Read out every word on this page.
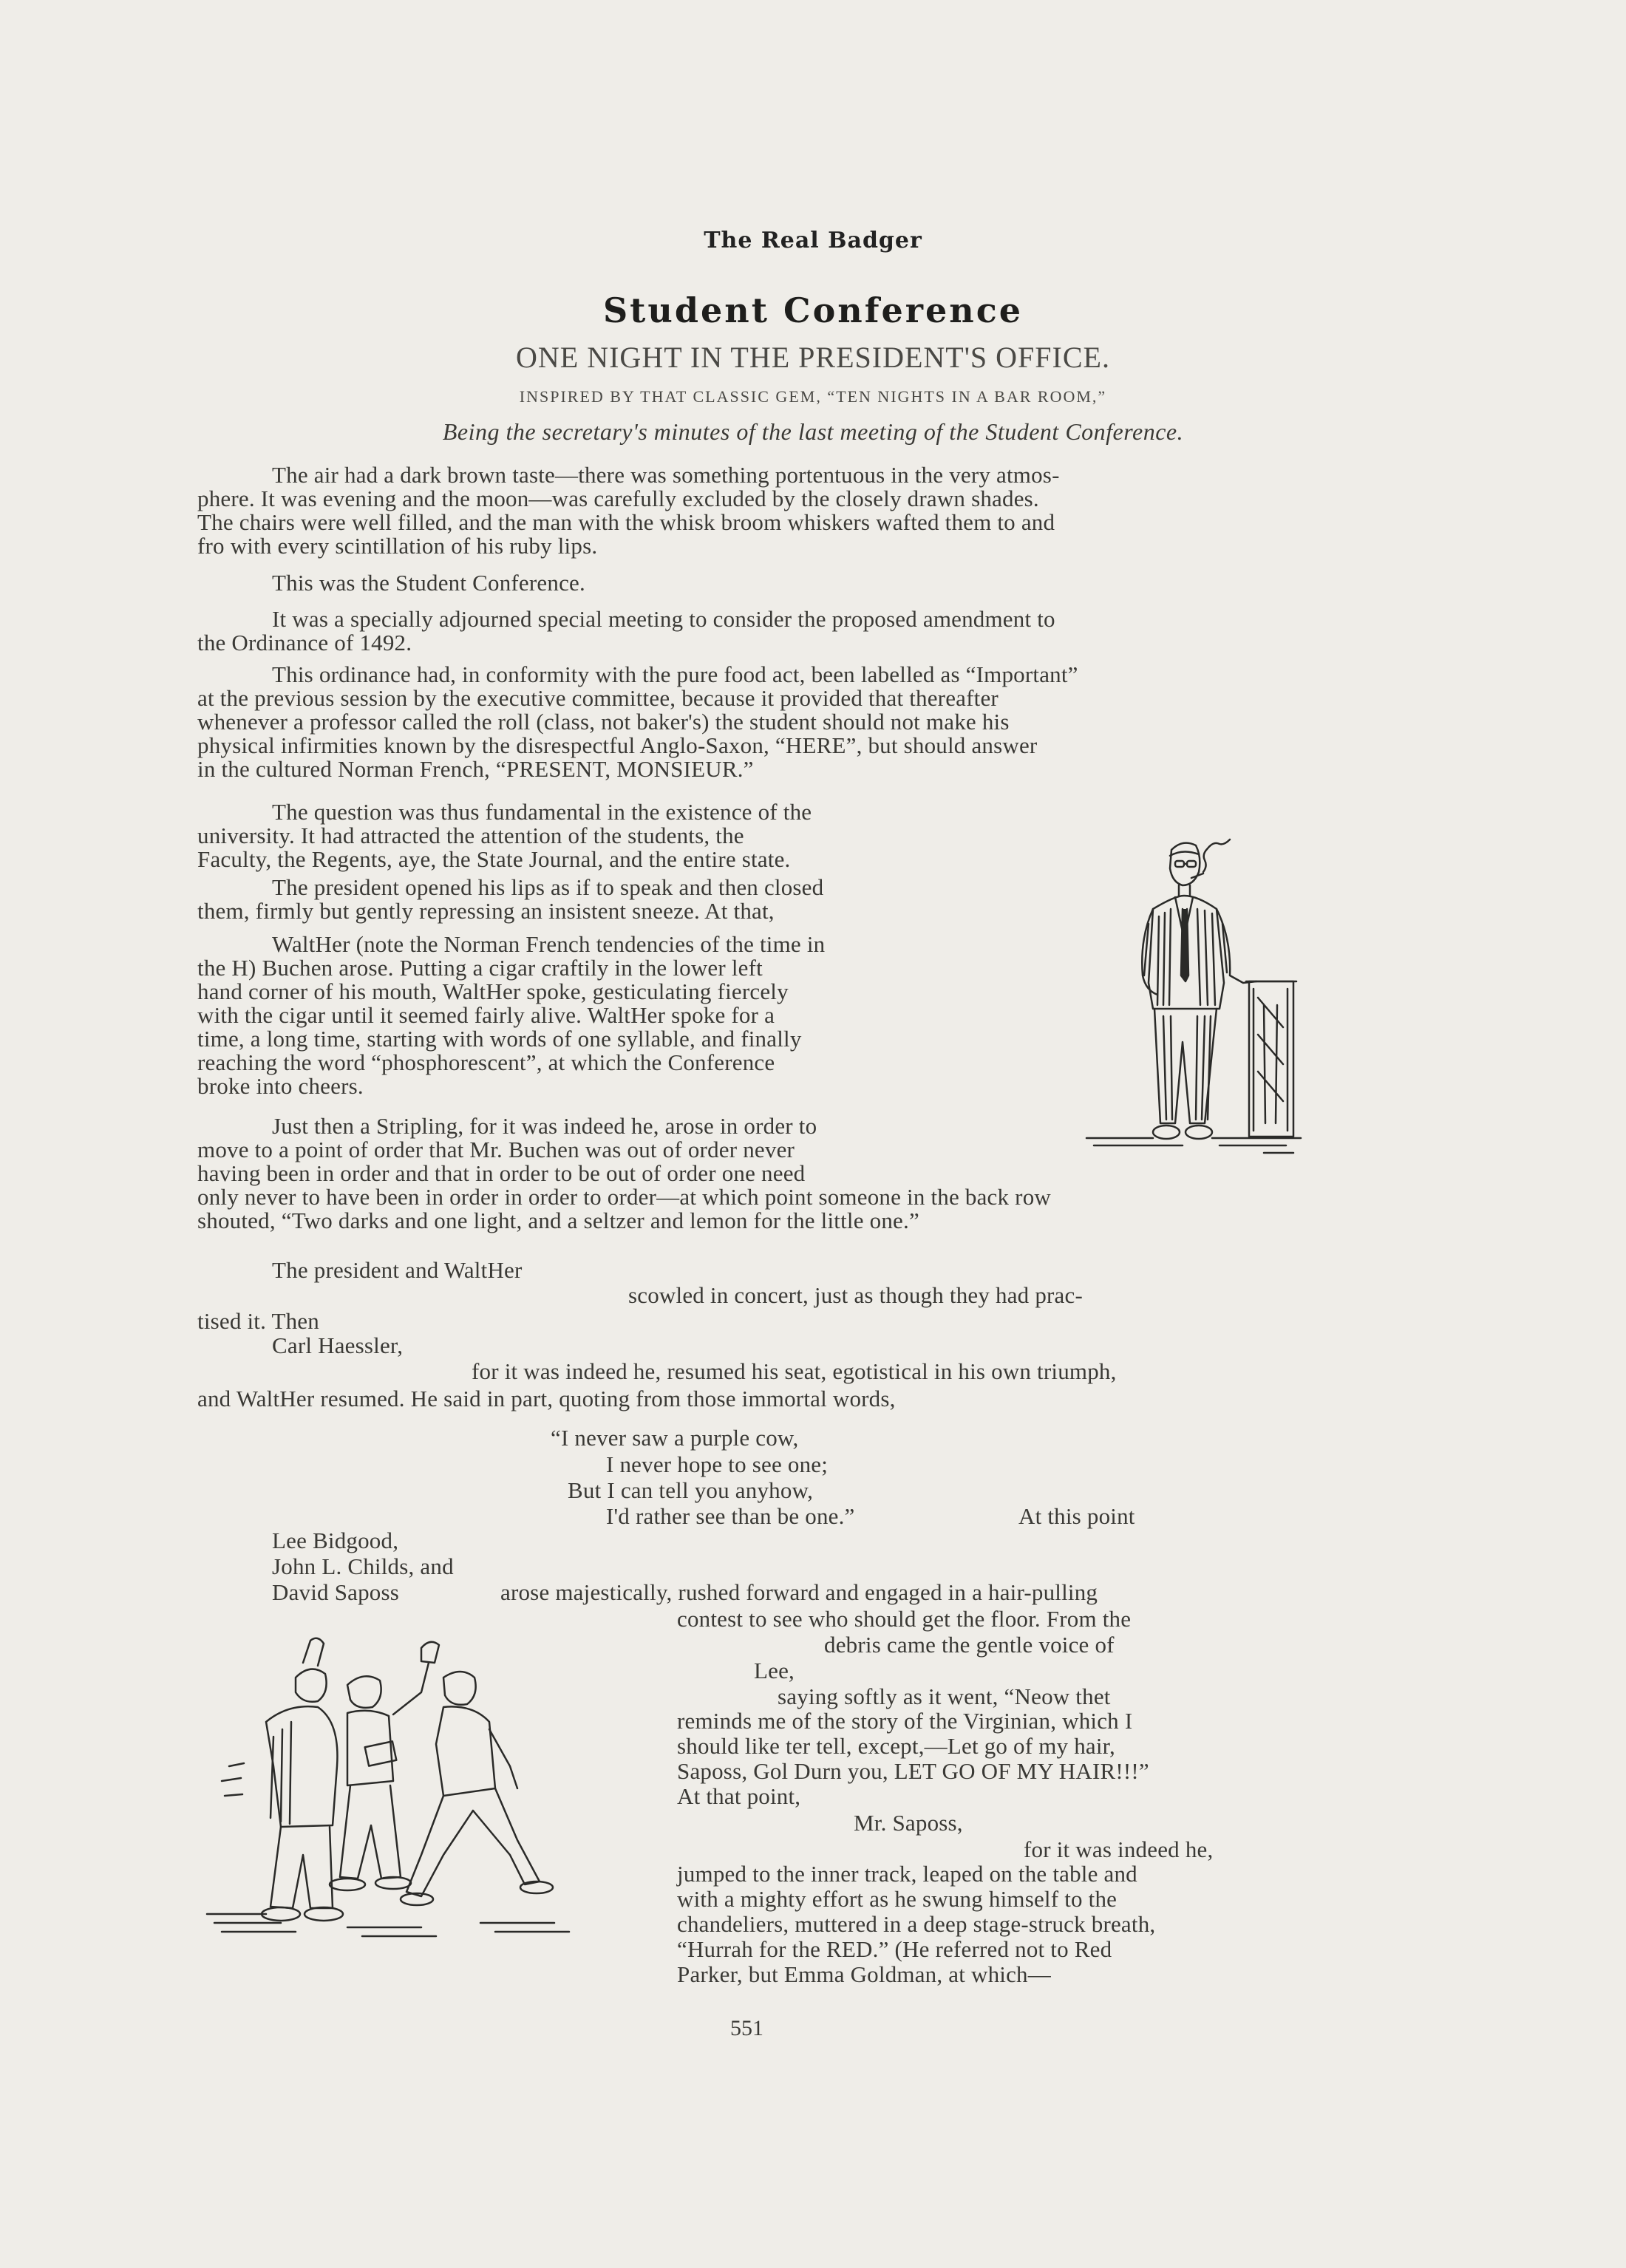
The Real Badger
Student Conference
ONE NIGHT IN THE PRESIDENT'S OFFICE.
INSPIRED BY THAT CLASSIC GEM, “TEN NIGHTS IN A BAR ROOM,”
Being the secretary's minutes of the last meeting of the Student Conference.
The air had a dark brown taste—there was something portentuous in the very atmos-
phere. It was evening and the moon—was carefully excluded by the closely drawn shades.
The chairs were well filled, and the man with the whisk broom whiskers wafted them to and
fro with every scintillation of his ruby lips.
This was the Student Conference.
It was a specially adjourned special meeting to consider the proposed amendment to
the Ordinance of 1492.
This ordinance had, in conformity with the pure food act, been labelled as “Important”
at the previous session by the executive committee, because it provided that thereafter
whenever a professor called the roll (class, not baker's) the student should not make his
physical infirmities known by the disrespectful Anglo-Saxon, “HERE”, but should answer
in the cultured Norman French, “PRESENT, MONSIEUR.”
The question was thus fundamental in the existence of the
university. It had attracted the attention of the students, the
Faculty, the Regents, aye, the State Journal, and the entire state.
The president opened his lips as if to speak and then closed
them, firmly but gently repressing an insistent sneeze. At that,
WaltHer (note the Norman French tendencies of the time in
the H) Buchen arose. Putting a cigar craftily in the lower left
hand corner of his mouth, WaltHer spoke, gesticulating fiercely
with the cigar until it seemed fairly alive. WaltHer spoke for a
time, a long time, starting with words of one syllable, and finally
reaching the word “phosphorescent”, at which the Conference
broke into cheers.
Just then a Stripling, for it was indeed he, arose in order to
move to a point of order that Mr. Buchen was out of order never
having been in order and that in order to be out of order one need
only never to have been in order in order to order—at which point someone in the back row
shouted, “Two darks and one light, and a seltzer and lemon for the little one.”
The president and WaltHer
scowled in concert, just as though they had prac-
tised it. Then
Carl Haessler,
for it was indeed he, resumed his seat, egotistical in his own triumph,
and WaltHer resumed. He said in part, quoting from those immortal words,
“I never saw a purple cow,
I never hope to see one;
But I can tell you anyhow,
I'd rather see than be one.”	At this point
Lee Bidgood,
John L. Childs, and
David Saposs	arose majestically, rushed forward and engaged in a hair-pulling
contest to see who should get the floor. From the
debris came the gentle voice of
Lee,
saying softly as it went, “Neow thet
reminds me of the story of the Virginian, which I
should like ter tell, except,—Let go of my hair,
Saposs, Gol Durn you, LET GO OF MY HAIR!!!”
At that point,
Mr. Saposs,
for it was indeed he,
jumped to the inner track, leaped on the table and
with a mighty effort as he swung himself to the
chandeliers, muttered in a deep stage-struck breath,
“Hurrah for the RED.” (He referred not to Red
Parker, but Emma Goldman, at which—
551
